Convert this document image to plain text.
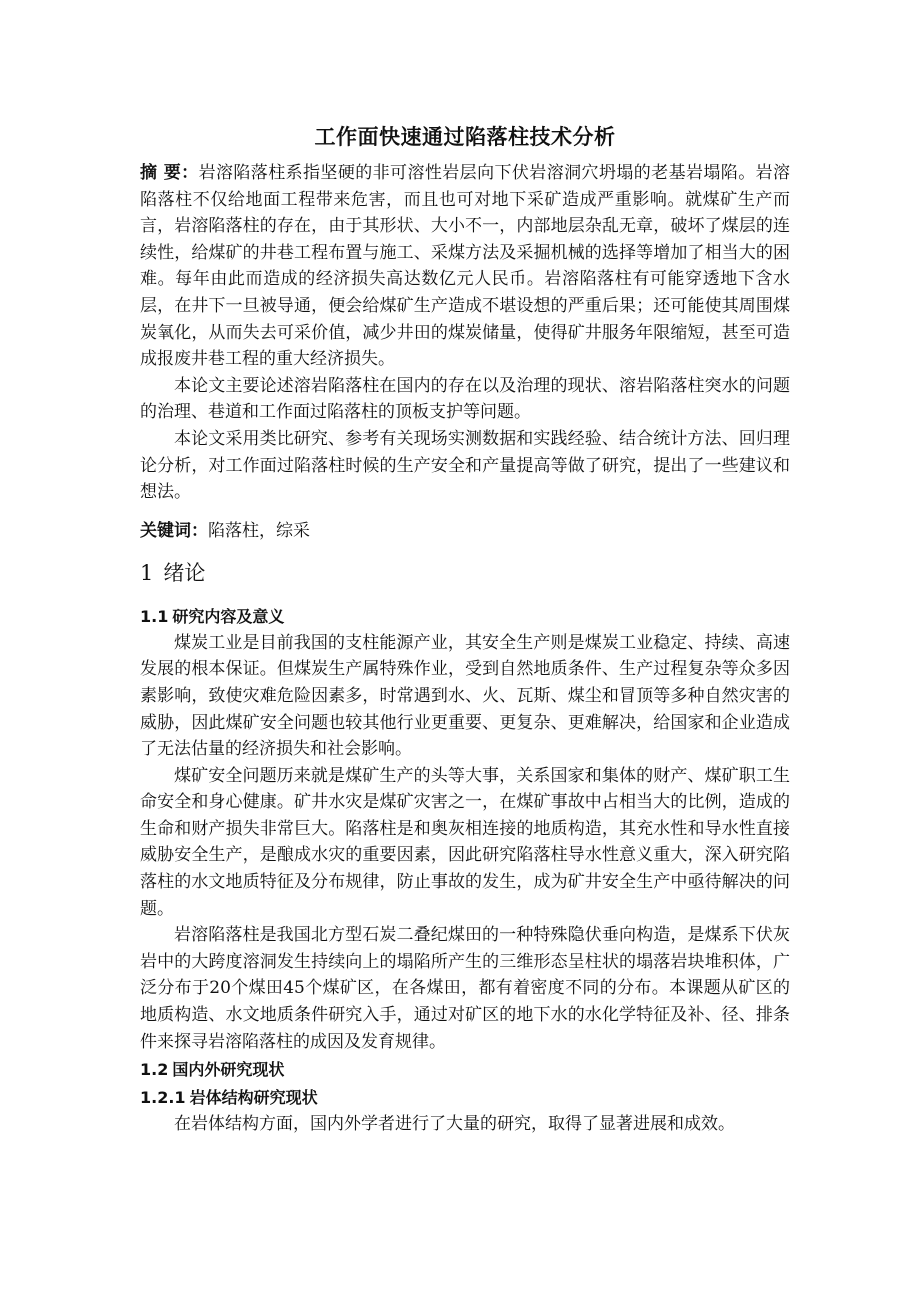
工作面快速通过陷落柱技术分析

摘 要：岩溶陷落柱系指坚硬的非可溶性岩层向下伏岩溶洞穴坍塌的老基岩塌陷。岩溶陷落柱不仅给地面工程带来危害，而且也可对地下采矿造成严重影响。就煤矿生产而言，岩溶陷落柱的存在，由于其形状、大小不一，内部地层杂乱无章，破坏了煤层的连续性，给煤矿的井巷工程布置与施工、采煤方法及采掘机械的选择等增加了相当大的困难。每年由此而造成的经济损失高达数亿元人民币。岩溶陷落柱有可能穿透地下含水层，在井下一旦被导通，便会给煤矿生产造成不堪设想的严重后果；还可能使其周围煤炭氧化，从而失去可采价值，减少井田的煤炭储量，使得矿井服务年限缩短，甚至可造成报废井巷工程的重大经济损失。

本论文主要论述溶岩陷落柱在国内的存在以及治理的现状、溶岩陷落柱突水的问题的治理、巷道和工作面过陷落柱的顶板支护等问题。

本论文采用类比研究、参考有关现场实测数据和实践经验、结合统计方法、回归理论分析，对工作面过陷落柱时候的生产安全和产量提高等做了研究，提出了一些建议和想法。

关键词：陷落柱，综采

1 绪论
1.1 研究内容及意义

煤炭工业是目前我国的支柱能源产业，其安全生产则是煤炭工业稳定、持续、高速发展的根本保证。但煤炭生产属特殊作业，受到自然地质条件、生产过程复杂等众多因素影响，致使灾难危险因素多，时常遇到水、火、瓦斯、煤尘和冒顶等多种自然灾害的威胁，因此煤矿安全问题也较其他行业更重要、更复杂、更难解决，给国家和企业造成了无法估量的经济损失和社会影响。

煤矿安全问题历来就是煤矿生产的头等大事，关系国家和集体的财产、煤矿职工生命安全和身心健康。矿井水灾是煤矿灾害之一，在煤矿事故中占相当大的比例，造成的生命和财产损失非常巨大。陷落柱是和奥灰相连接的地质构造，其充水性和导水性直接威胁安全生产，是酿成水灾的重要因素，因此研究陷落柱导水性意义重大，深入研究陷落柱的水文地质特征及分布规律，防止事故的发生，成为矿井安全生产中亟待解决的问题。

岩溶陷落柱是我国北方型石炭二叠纪煤田的一种特殊隐伏垂向构造，是煤系下伏灰岩中的大跨度溶洞发生持续向上的塌陷所产生的三维形态呈柱状的塌落岩块堆积体，广泛分布于20个煤田45个煤矿区，在各煤田，都有着密度不同的分布。本课题从矿区的地质构造、水文地质条件研究入手，通过对矿区的地下水的水化学特征及补、径、排条件来探寻岩溶陷落柱的成因及发育规律。

1.2 国内外研究现状
1.2.1 岩体结构研究现状

在岩体结构方面，国内外学者进行了大量的研究，取得了显著进展和成效。
